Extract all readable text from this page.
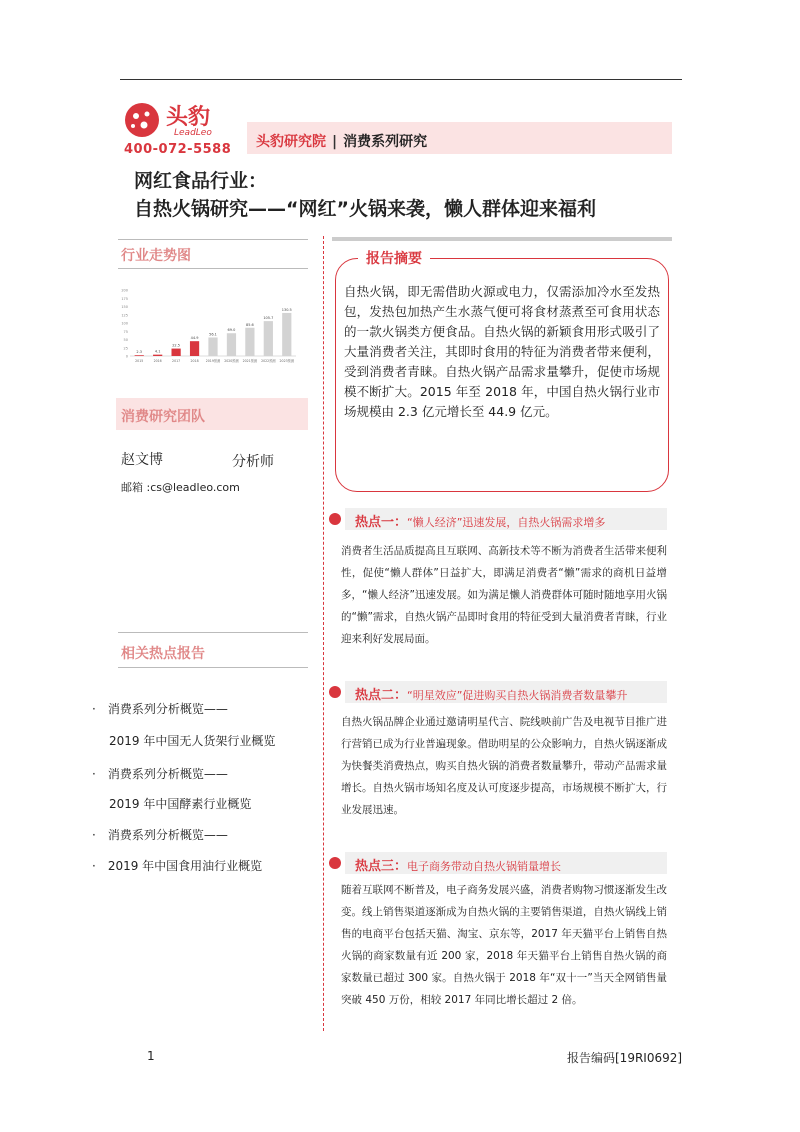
头豹
LeadLeo
400-072-5588 头豹研究院 | 消费系列研究
网红食品行业：
自热火锅研究——“网红”火锅来袭，懒人群体迎来福利
行业走势图
0
25
50
75
100
125
150
175
200
2.3	4.1
22.5
44.9
56.1
69.0
85.6
105.7
130.5
2015	2016	2017	2018 2019预测 2020预测 2021预测 2022预测 2023预测
消费研究团队
赵文博	分析师
邮箱 :cs@leadleo.com
相关热点报告
· 消费系列分析概览——
2019 年中国无人货架行业概览
· 消费系列分析概览——
2019 年中国酵素行业概览
· 消费系列分析概览——
· 2019 年中国食用油行业概览
报告摘要
自热火锅，即无需借助火源或电力，仅需添加冷水至发热包，发热包加热产生水蒸气便可将食材蒸煮至可食用状态的一款火锅类方便食品。自热火锅的新颖食用形式吸引了大量消费者关注，其即时食用的特征为消费者带来便利，受到消费者青睐。自热火锅产品需求量攀升，促使市场规模不断扩大。2015 年至 2018 年，中国自热火锅行业市场规模由 2.3 亿元增长至 44.9 亿元。
热点一：“懒人经济”迅速发展，自热火锅需求增多
消费者生活品质提高且互联网、高新技术等不断为消费者生活带来便利性，促使“懒人群体”日益扩大，即满足消费者“懒”需求的商机日益增多，“懒人经济”迅速发展。如为满足懒人消费群体可随时随地享用火锅的“懒”需求，自热火锅产品即时食用的特征受到大量消费者青睐，行业迎来利好发展局面。
热点二：“明星效应”促进购买自热火锅消费者数量攀升
自热火锅品牌企业通过邀请明星代言、院线映前广告及电视节目推广进行营销已成为行业普遍现象。借助明星的公众影响力，自热火锅逐渐成为快餐类消费热点，购买自热火锅的消费者数量攀升，带动产品需求量增长。自热火锅市场知名度及认可度逐步提高，市场规模不断扩大，行业发展迅速。
热点三：电子商务带动自热火锅销量增长
随着互联网不断普及，电子商务发展兴盛，消费者购物习惯逐渐发生改变。线上销售渠道逐渐成为自热火锅的主要销售渠道，自热火锅线上销售的电商平台包括天猫、淘宝、京东等，2017 年天猫平台上销售自热火锅的商家数量有近 200 家，2018 年天猫平台上销售自热火锅的商家数量已超过 300 家。自热火锅于 2018 年“双十一”当天全网销售量突破 450 万份，相较 2017 年同比增长超过 2 倍。
1	报告编码[19RI0692]
